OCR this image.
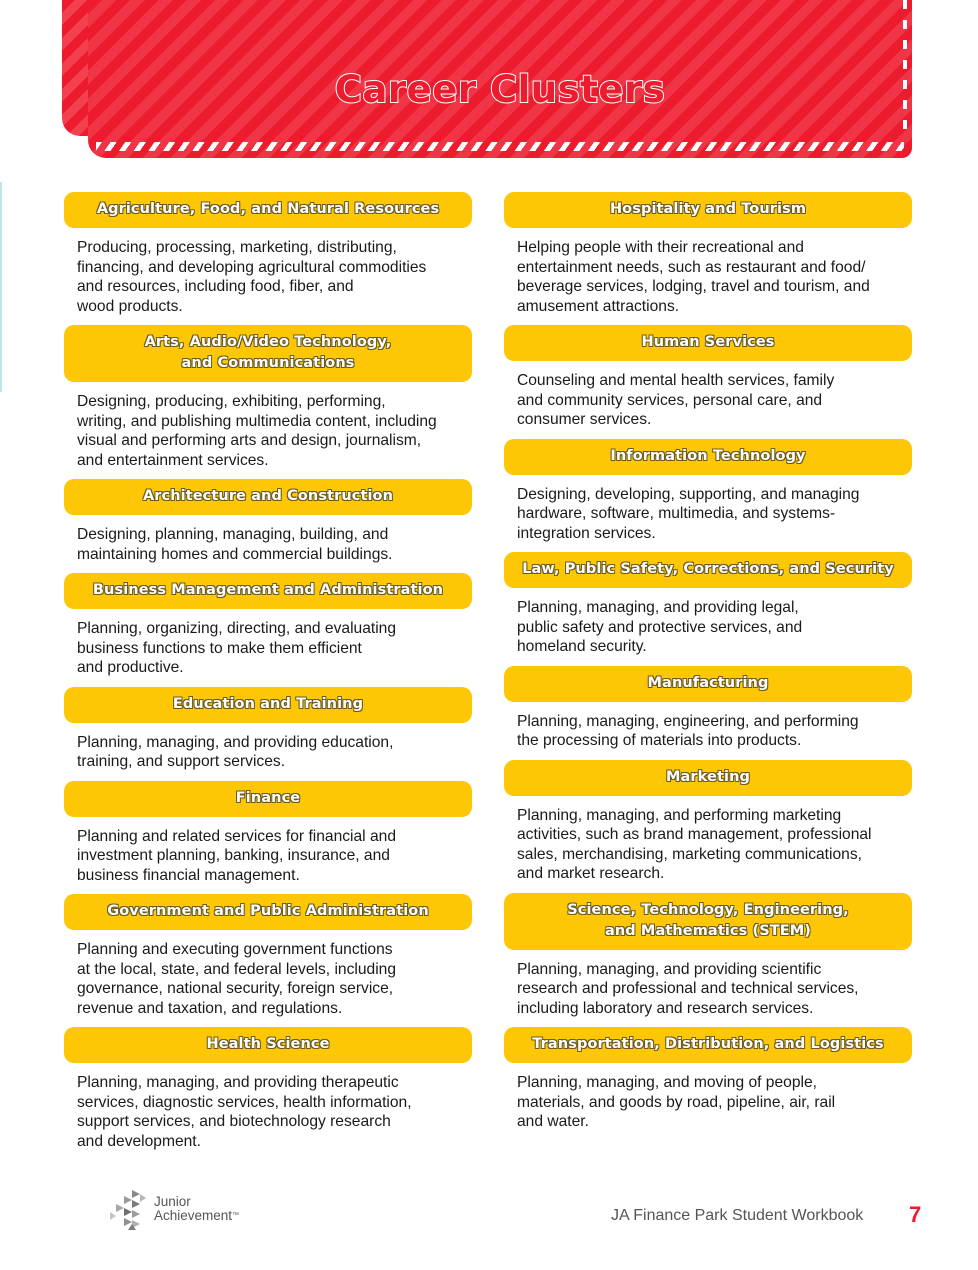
Career Clusters
Agriculture, Food, and Natural Resources
Producing, processing, marketing, distributing,
financing, and developing agricultural commodities
and resources, including food, fiber, and
wood products.
Arts, Audio/Video Technology,
and Communications
Designing, producing, exhibiting, performing,
writing, and publishing multimedia content, including
visual and performing arts and design, journalism,
and entertainment services.
Architecture and Construction
Designing, planning, managing, building, and
maintaining homes and commercial buildings.
Business Management and Administration
Planning, organizing, directing, and evaluating
business functions to make them efficient
and productive.
Education and Training
Planning, managing, and providing education,
training, and support services.
Finance
Planning and related services for financial and
investment planning, banking, insurance, and
business financial management.
Government and Public Administration
Planning and executing government functions
at the local, state, and federal levels, including
governance, national security, foreign service,
revenue and taxation, and regulations.
Health Science
Planning, managing, and providing therapeutic
services, diagnostic services, health information,
support services, and biotechnology research
and development.
Hospitality and Tourism
Helping people with their recreational and
entertainment needs, such as restaurant and food/
beverage services, lodging, travel and tourism, and
amusement attractions.
Human Services
Counseling and mental health services, family
and community services, personal care, and
consumer services.
Information Technology
Designing, developing, supporting, and managing
hardware, software, multimedia, and systems-
integration services.
Law, Public Safety, Corrections, and Security
Planning, managing, and providing legal,
public safety and protective services, and
homeland security.
Manufacturing
Planning, managing, engineering, and performing
the processing of materials into products.
Marketing
Planning, managing, and performing marketing
activities, such as brand management, professional
sales, merchandising, marketing communications,
and market research.
Science, Technology, Engineering,
and Mathematics (STEM)
Planning, managing, and providing scientific
research and professional and technical services,
including laboratory and research services.
Transportation, Distribution, and Logistics
Planning, managing, and moving of people,
materials, and goods by road, pipeline, air, rail
and water.
Junior
Achievement™	JA Finance Park Student Workbook 7
